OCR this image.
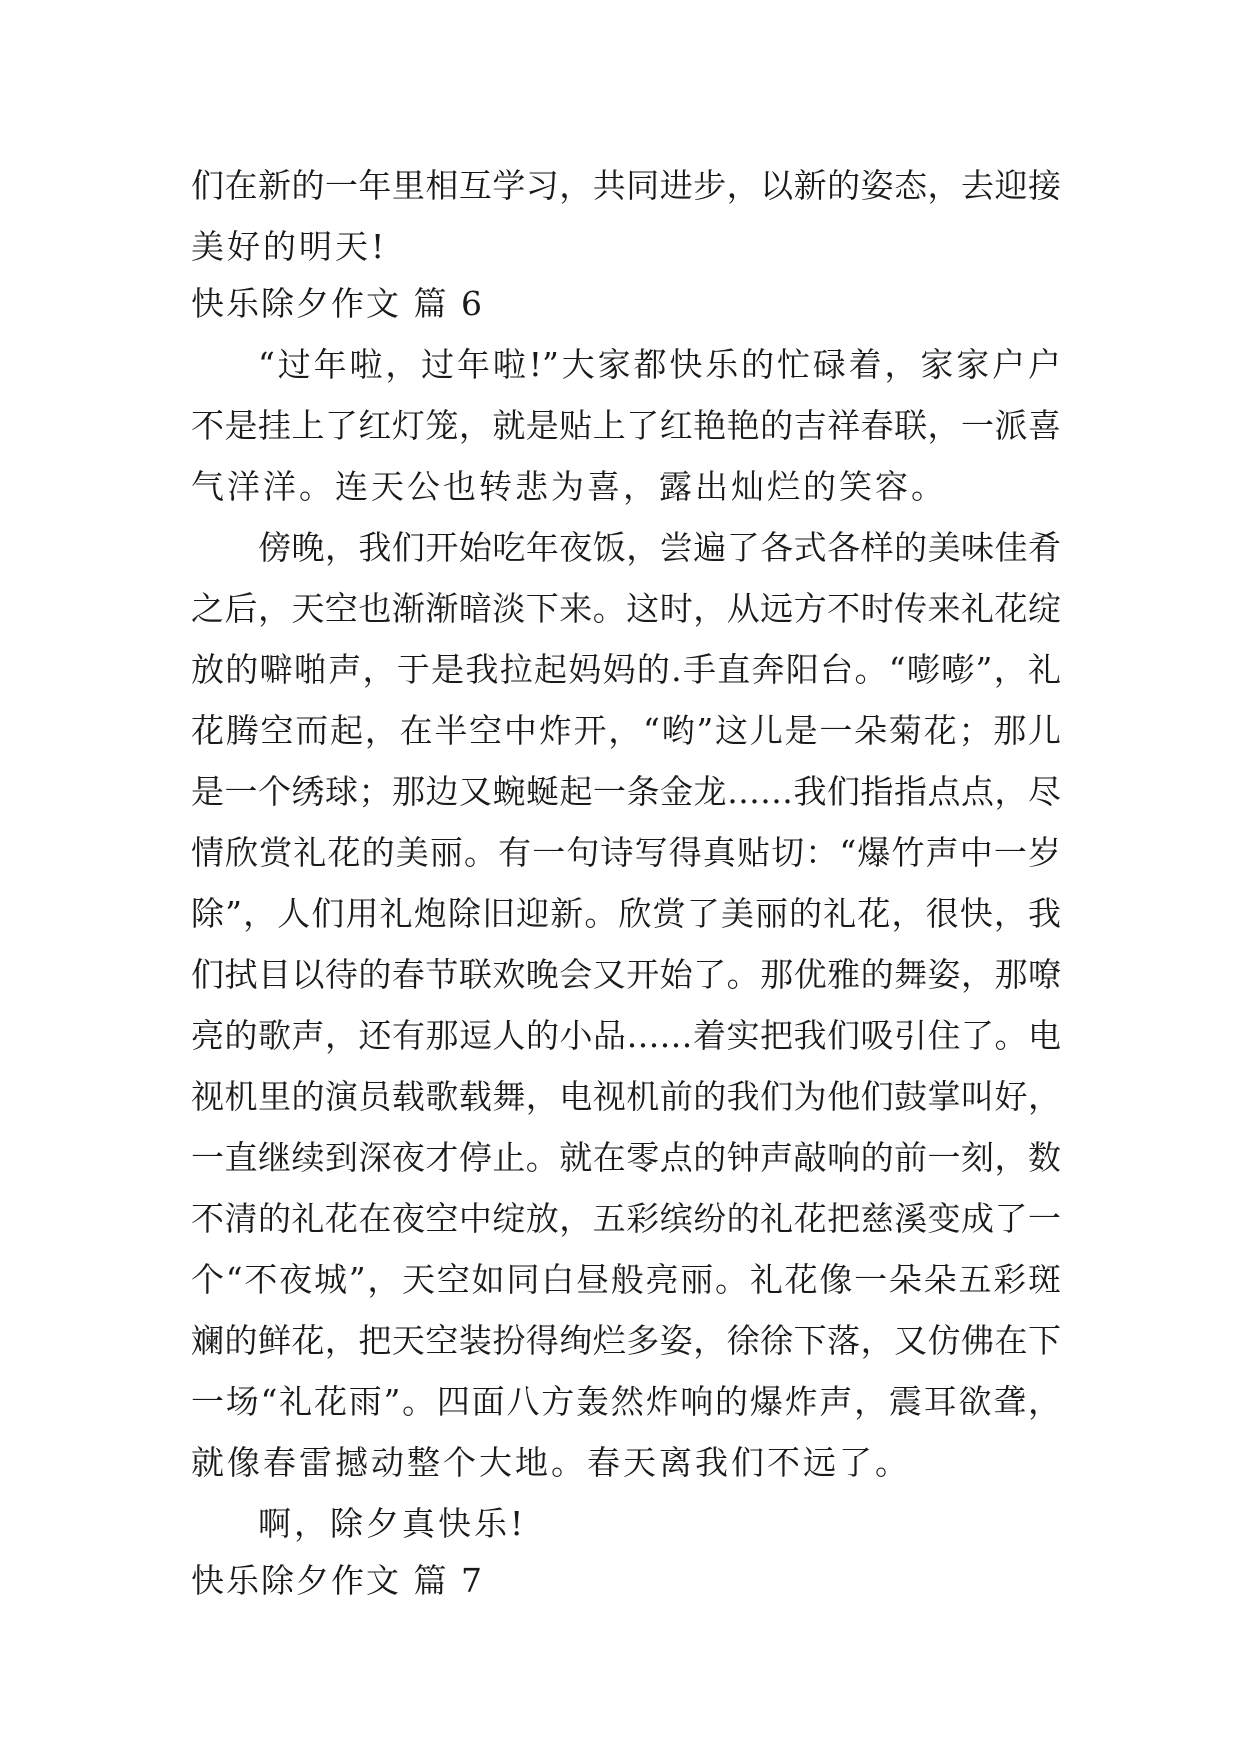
们在新的一年里相互学习，共同进步，以新的姿态，去迎接
美好的明天!
快乐除夕作文 篇 6
“过年啦，过年啦!”大家都快乐的忙碌着，家家户户
不是挂上了红灯笼，就是贴上了红艳艳的吉祥春联，一派喜
气洋洋。连天公也转悲为喜，露出灿烂的笑容。
傍晚，我们开始吃年夜饭，尝遍了各式各样的美味佳肴
之后，天空也渐渐暗淡下来。这时，从远方不时传来礼花绽
放的噼啪声，于是我拉起妈妈的.手直奔阳台。“嘭嘭”，礼
花腾空而起，在半空中炸开，“哟”这儿是一朵菊花；那儿
是一个绣球；那边又蜿蜒起一条金龙……我们指指点点，尽
情欣赏礼花的美丽。有一句诗写得真贴切：“爆竹声中一岁
除”，人们用礼炮除旧迎新。欣赏了美丽的礼花，很快，我
们拭目以待的春节联欢晚会又开始了。那优雅的舞姿，那嘹
亮的歌声，还有那逗人的小品……着实把我们吸引住了。电
视机里的演员载歌载舞，电视机前的我们为他们鼓掌叫好，
一直继续到深夜才停止。就在零点的钟声敲响的前一刻，数
不清的礼花在夜空中绽放，五彩缤纷的礼花把慈溪变成了一
个“不夜城”，天空如同白昼般亮丽。礼花像一朵朵五彩斑
斓的鲜花，把天空装扮得绚烂多姿，徐徐下落，又仿佛在下
一场“礼花雨”。四面八方轰然炸响的爆炸声，震耳欲聋，
就像春雷撼动整个大地。春天离我们不远了。
啊，除夕真快乐!
快乐除夕作文 篇 7
